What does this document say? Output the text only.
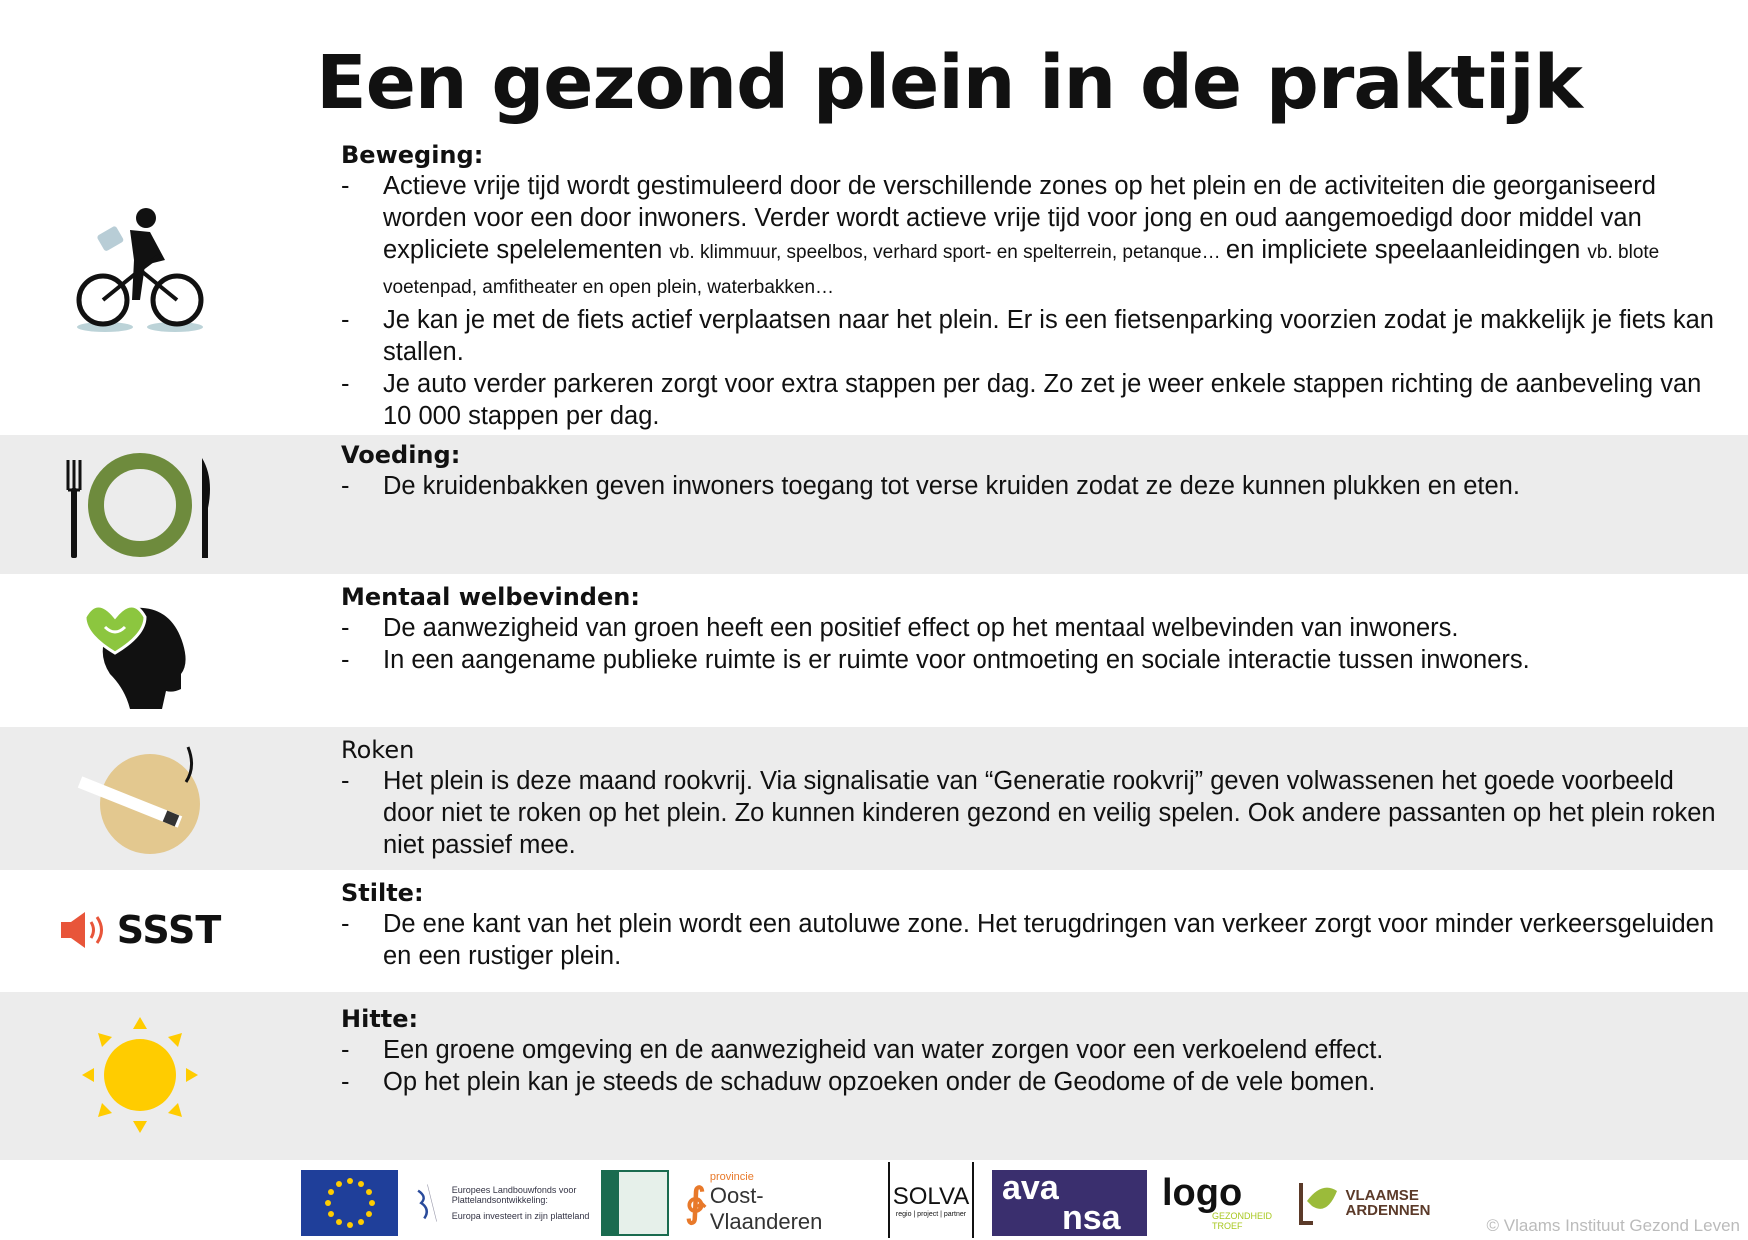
Een gezond plein in de praktijk
Beweging:
- Actieve vrije tijd wordt gestimuleerd door de verschillende zones op het plein en de activiteiten die georganiseerd worden voor een door inwoners. Verder wordt actieve vrije tijd voor jong en oud aangemoedigd door middel van expliciete spelelementen vb. klimmuur, speelbos, verhard sport- en spelterrein, petanque… en impliciete speelaanleidingen vb. blote voetenpad, amfitheater en open plein, waterbakken…
- Je kan je met de fiets actief verplaatsen naar het plein. Er is een fietsenparking voorzien zodat je makkelijk je fiets kan stallen.
- Je auto verder parkeren zorgt voor extra stappen per dag. Zo zet je weer enkele stappen richting de aanbeveling van 10 000 stappen per dag.
Voeding:
- De kruidenbakken geven inwoners toegang tot verse kruiden zodat ze deze kunnen plukken en eten.
Mentaal welbevinden:
- De aanwezigheid van groen heeft een positief effect op het mentaal welbevinden van inwoners.
- In een aangename publieke ruimte is er ruimte voor ontmoeting en sociale interactie tussen inwoners.
Roken
- Het plein is deze maand rookvrij. Via signalisatie van “Generatie rookvrij” geven volwassenen het goede voorbeeld door niet te roken op het plein. Zo kunnen kinderen gezond en veilig spelen. Ook andere passanten op het plein roken niet passief mee.
SSST
Stilte:
- De ene kant van het plein wordt een autoluwe zone. Het terugdringen van verkeer zorgt voor minder verkeersgeluiden en een rustiger plein.
Hitte:
- Een groene omgeving en de aanwezigheid van water zorgen voor een verkoelend effect.
- Op het plein kan je steeds de schaduw opzoeken onder de Geodome of de vele bomen.
Europees Landbouwfonds voor Plattelandsontwikkeling:
Europa investeert in zijn platteland ∳
provincie
Oost-Vlaanderen
SOLVA
regio | project | partner
ava
nsa
logo
GEZONDHEID TROEF
VLAAMSE
ARDENNEN
© Vlaams Instituut Gezond Leven
